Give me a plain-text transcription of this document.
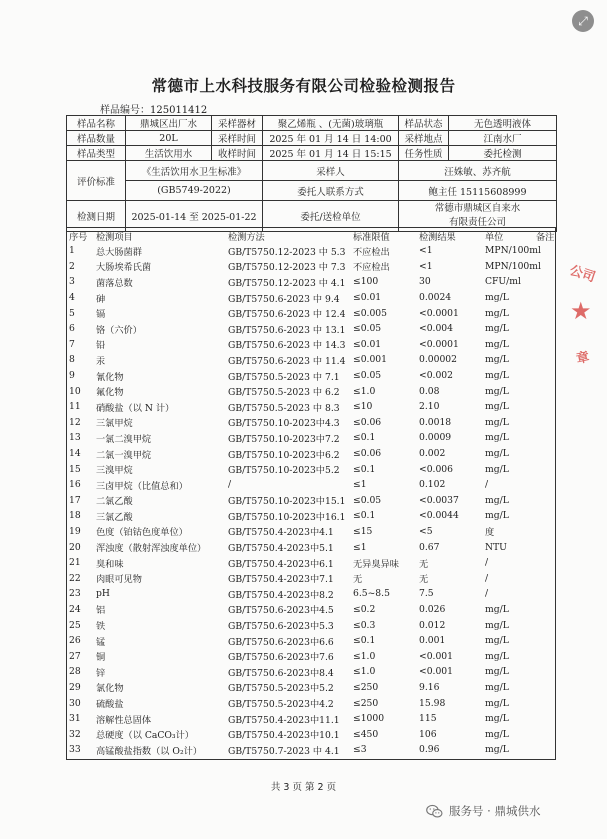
⤢
常德市上水科技服务有限公司检验检测报告
样品编号：125011412
样品名称	鼎城区出厂水	采样器材	聚乙烯瓶 、(无菌)玻璃瓶	样品状态	无色透明液体
样品数量	20L	采样时间	2025 年 01 月 14 日 14:00	采样地点	江南水厂
样品类型	生活饮用水	收样时间	2025 年 01 月 14 日 15:15	任务性质	委托检测
评价标准	《生活饮用水卫生标准》		采样人	汪姝敏、苏齐航	
	(GB5749-2022)		委托人联系方式	鲍主任 15115608999	
检测日期	2025-01-14 至 2025-01-22		委托/送检单位	常德市鼎城区自来水
有限责任公司	
序号	检测项目	检测方法	标准限值	检测结果	单位	备注
1	总大肠菌群	GB/T5750.12-2023 中 5.3	不应检出	<1	MPN/100ml	
2	大肠埃希氏菌	GB/T5750.12-2023 中 7.3	不应检出	<1	MPN/100ml	
3	菌落总数	GB/T5750.12-2023 中 4.1	≤100	30	CFU/ml	
4	砷	GB/T5750.6-2023 中 9.4	≤0.01	0.0024	mg/L	
5	镉	GB/T5750.6-2023 中 12.4	≤0.005	<0.0001	mg/L	
6	铬（六价）	GB/T5750.6-2023 中 13.1	≤0.05	<0.004	mg/L	
7	铅	GB/T5750.6-2023 中 14.3	≤0.01	<0.0001	mg/L	
8	汞	GB/T5750.6-2023 中 11.4	≤0.001	0.00002	mg/L	
9	氰化物	GB/T5750.5-2023 中 7.1	≤0.05	<0.002	mg/L	
10	氟化物	GB/T5750.5-2023 中 6.2	≤1.0	0.08	mg/L	
11	硝酸盐（以 N 计）	GB/T5750.5-2023 中 8.3	≤10	2.10	mg/L	
12	三氯甲烷	GB/T5750.10-2023中4.3	≤0.06	0.0018	mg/L	
13	一氯二溴甲烷	GB/T5750.10-2023中7.2	≤0.1	0.0009	mg/L	
14	二氯一溴甲烷	GB/T5750.10-2023中6.2	≤0.06	0.002	mg/L	
15	三溴甲烷	GB/T5750.10-2023中5.2	≤0.1	<0.006	mg/L	
16	三卤甲烷（比值总和）	/	≤1	0.102	/	
17	二氯乙酸	GB/T5750.10-2023中15.1	≤0.05	<0.0037	mg/L	
18	三氯乙酸	GB/T5750.10-2023中16.1	≤0.1	<0.0044	mg/L	
19	色度（铂钴色度单位）	GB/T5750.4-2023中4.1	≤15	<5	度	
20	浑浊度（散射浑浊度单位）	GB/T5750.4-2023中5.1	≤1	0.67	NTU	
21	臭和味	GB/T5750.4-2023中6.1	无异臭异味	无	/	
22	肉眼可见物	GB/T5750.4-2023中7.1	无	无	/	
23	pH	GB/T5750.4-2023中8.2	6.5~8.5	7.5	/	
24	铝	GB/T5750.6-2023中4.5	≤0.2	0.026	mg/L	
25	铁	GB/T5750.6-2023中5.3	≤0.3	0.012	mg/L	
26	锰	GB/T5750.6-2023中6.6	≤0.1	0.001	mg/L	
27	铜	GB/T5750.6-2023中7.6	≤1.0	<0.001	mg/L	
28	锌	GB/T5750.6-2023中8.4	≤1.0	<0.001	mg/L	
29	氯化物	GB/T5750.5-2023中5.2	≤250	9.16	mg/L	
30	硫酸盐	GB/T5750.5-2023中4.2	≤250	15.98	mg/L	
31	溶解性总固体	GB/T5750.4-2023中11.1	≤1000	115	mg/L	
32	总硬度（以 CaCO₃计）	GB/T5750.4-2023中10.1	≤450	106	mg/L	
33	高锰酸盐指数（以 O₂计）	GB/T5750.7-2023 中 4.1	≤3	0.96	mg/L	
共 3 页 第 2 页
公司
★
章
服务号 · 鼎城供水
